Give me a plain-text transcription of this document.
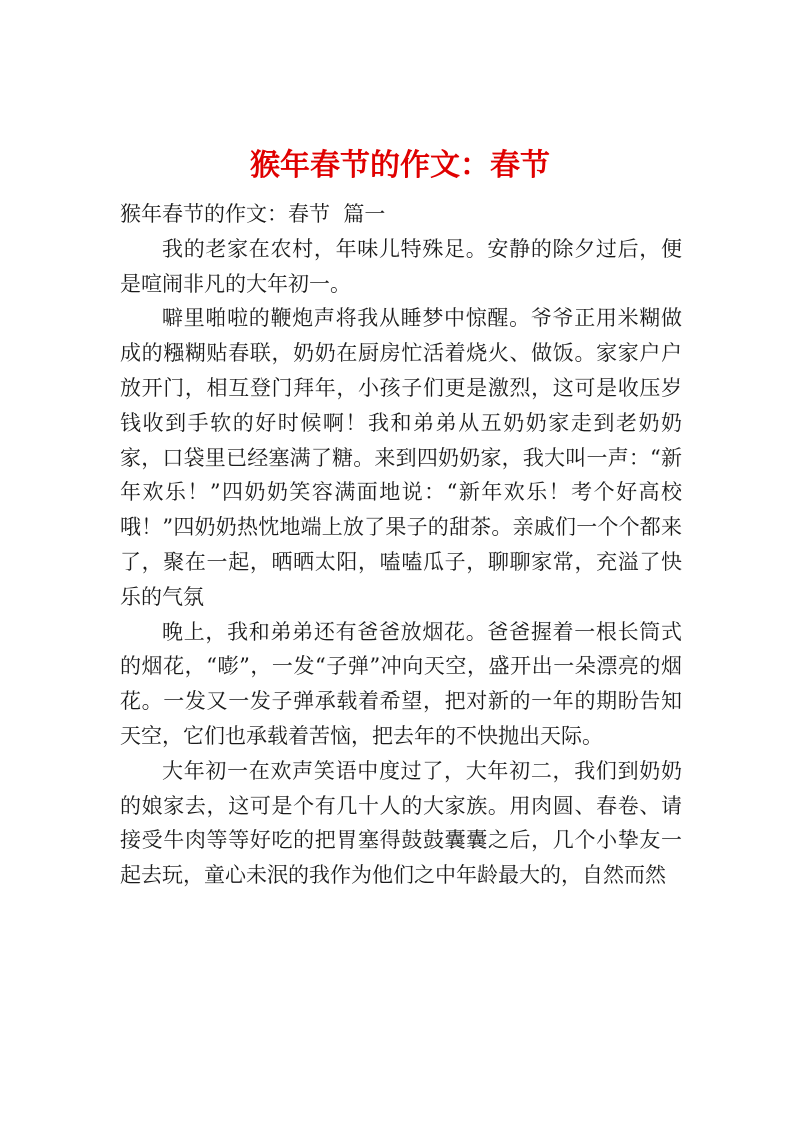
猴年春节的作文：春节

猴年春节的作文：春节  篇一

我的老家在农村，年味儿特殊足。安静的除夕过后，便是喧闹非凡的大年初一。

噼里啪啦的鞭炮声将我从睡梦中惊醒。爷爷正用米糊做成的糨糊贴春联，奶奶在厨房忙活着烧火、做饭。家家户户放开门，相互登门拜年，小孩子们更是激烈，这可是收压岁钱收到手软的好时候啊！我和弟弟从五奶奶家走到老奶奶家，口袋里已经塞满了糖。来到四奶奶家，我大叫一声：“新年欢乐！”四奶奶笑容满面地说：“新年欢乐！考个好高校哦！”四奶奶热忱地端上放了果子的甜茶。亲戚们一个个都来了，聚在一起，晒晒太阳，嗑嗑瓜子，聊聊家常，充溢了快乐的气氛

晚上，我和弟弟还有爸爸放烟花。爸爸握着一根长筒式的烟花，“嘭”，一发“子弹”冲向天空，盛开出一朵漂亮的烟花。一发又一发子弹承载着希望，把对新的一年的期盼告知天空，它们也承载着苦恼，把去年的不快抛出天际。

大年初一在欢声笑语中度过了，大年初二，我们到奶奶的娘家去，这可是个有几十人的大家族。用肉圆、春卷、请接受牛肉等等好吃的把胃塞得鼓鼓囊囊之后，几个小挚友一起去玩，童心未泯的我作为他们之中年龄最大的，自然而然
